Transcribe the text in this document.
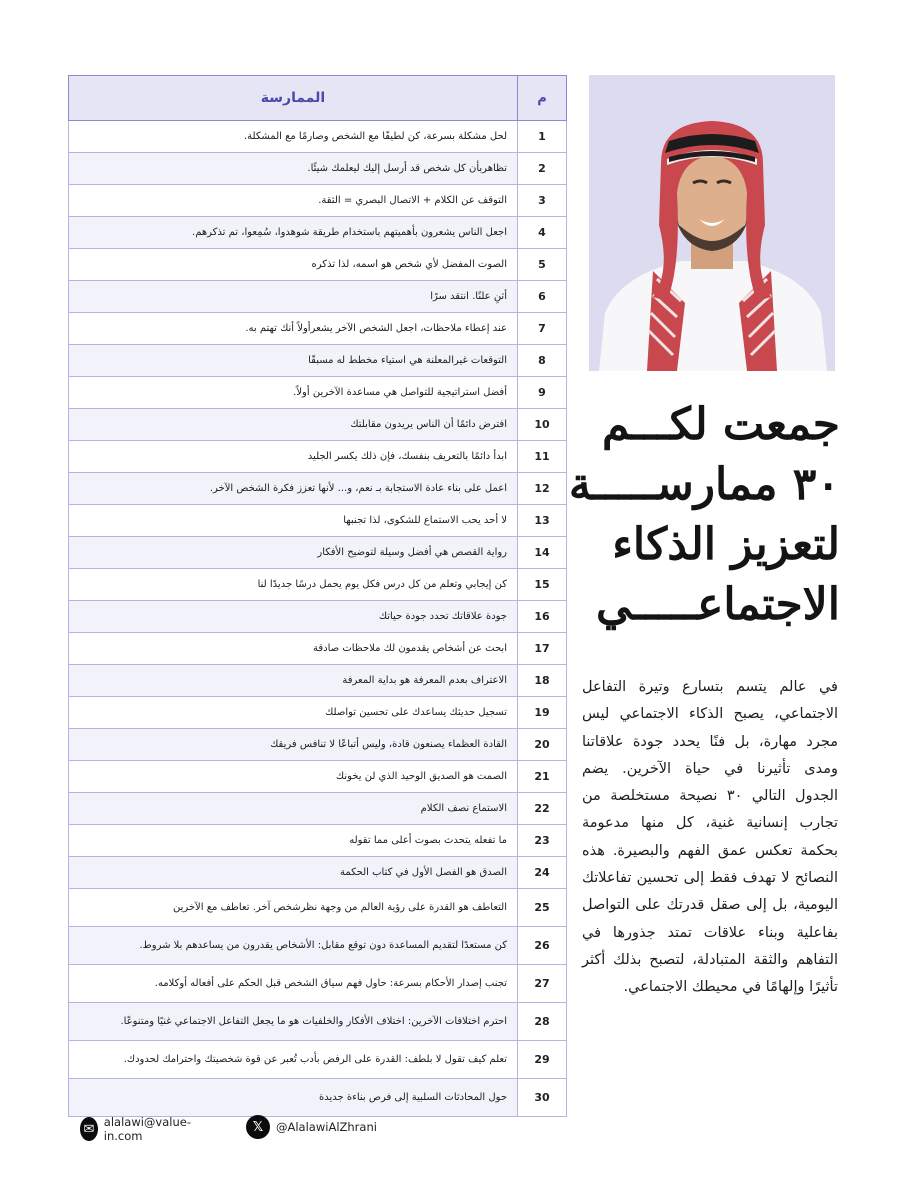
م	الممارسة
1	لحل مشكلة بسرعة، كن لطيفًا مع الشخص وصارمًا مع المشكلة.
2	تظاهربأن كل شخص قد أرسل إليك ليعلمك شيئًا.
3	التوقف عن الكلام + الاتصال البصري = الثقة.
4	اجعل الناس يشعرون بأهميتهم باستخدام طريقة شوهدوا، سُمِعوا، تم تذكرهم.
5	الصوت المفضل لأي شخص هو اسمه، لذا تذكره
6	أثنِ علنًا. انتقد سرًا
7	عند إعطاء ملاحظات، اجعل الشخص الآخر يشعرأولاً أنك تهتم به.
8	التوقعات غيرالمعلنة هي استياء مخطط له مسبقًا
9	أفضل استراتيجية للتواصل هي مساعدة الآخرين أولاً.
10	افترض دائمًا أن الناس يريدون مقابلتك
11	ابدأ دائمًا بالتعريف بنفسك، فإن ذلك يكسر الجليد
12	اعمل على بناء عادة الاستجابة بـ نعم، و... لأنها تعزز فكرة الشخص الآخر.
13	لا أحد يحب الاستماع للشكوى، لذا تجنبها
14	رواية القصص هي أفضل وسيلة لتوضيح الأفكار
15	كن إيجابي وتعلم من كل درس فكل يوم يحمل درسًا جديدًا لنا
16	جودة علاقاتك تحدد جودة حياتك
17	ابحث عن أشخاص يقدمون لك ملاحظات صادقة
18	الاعتراف بعدم المعرفة هو بداية المعرفة
19	تسجيل حديثك يساعدك على تحسين تواصلك
20	القادة العظماء يصنعون قادة، وليس أتباعًا لا تنافس فريقك
21	الصمت هو الصديق الوحيد الذي لن يخونك
22	الاستماع نصف الكلام
23	ما تفعله يتحدث بصوت أعلى مما تقوله
24	الصدق هو الفصل الأول في كتاب الحكمة
25	التعاطف هو القدرة على رؤية العالم من وجهة نظرشخص آخر. تعاطف مع الآخرين
26	كن مستعدًا لتقديم المساعدة دون توقع مقابل: الأشخاص يقدرون من يساعدهم بلا شروط.
27	تجنب إصدار الأحكام بسرعة: حاول فهم سياق الشخص قبل الحكم على أفعاله أوكلامه.
28	احترم اختلافات الآخرين: اختلاف الأفكار والخلفيات هو ما يجعل التفاعل الاجتماعي غنيًا ومتنوعًا.
29	تعلم كيف تقول لا بلطف: القدرة على الرفض بأدب تُعبر عن قوة شخصيتك واحترامك لحدودك.
30	حول المحادثات السلبية إلى فرص بناءة جديدة
جمعت لكـــم
٣٠ ممارســـــة
لتعزيز الذكاء
الاجتماعـــــي
في عالم يتسم بتسارع وتيرة التفاعل الاجتماعي، يصبح الذكاء الاجتماعي ليس مجرد مهارة، بل فنًا يحدد جودة علاقاتنا ومدى تأثيرنا في حياة الآخرين. يضم الجدول التالي ٣٠ نصيحة مستخلصة من تجارب إنسانية غنية، كل منها مدعومة بحكمة تعكس عمق الفهم والبصيرة. هذه النصائح لا تهدف فقط إلى تحسين تفاعلاتك اليومية، بل إلى صقل قدرتك على التواصل بفاعلية وبناء علاقات تمتد جذورها في التفاهم والثقة المتبادلة، لتصبح بذلك أكثر تأثيرًا وإلهامًا في محيطك الاجتماعي.
✉ alalawi@value-in.com
𝕏	@AlalawiAlZhrani
